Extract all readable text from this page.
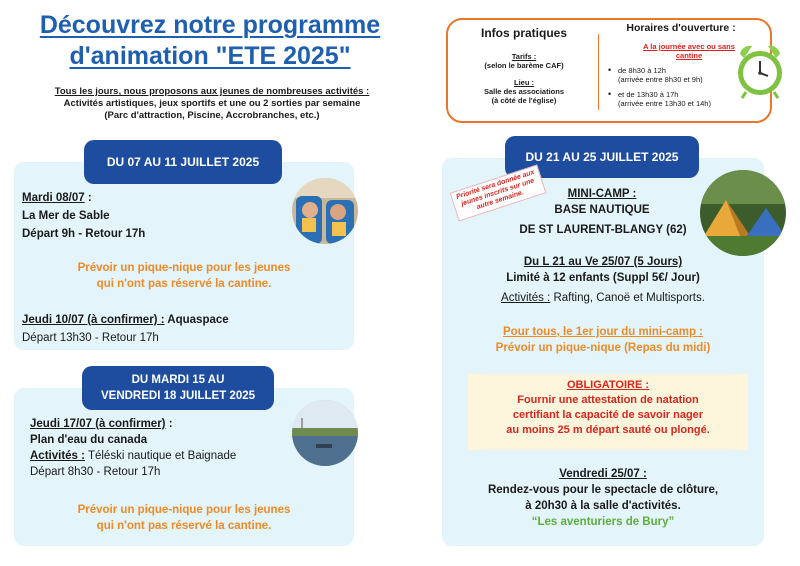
Découvrez notre programme
d'animation "ETE 2025"
Tous les jours, nous proposons aux jeunes de nombreuses activités :
Activités artistiques, jeux sportifs et une ou 2 sorties par semaine
(Parc d'attraction, Piscine, Accrobranches, etc.)
Infos pratiques
Tarifs :
(selon le barème CAF)
Lieu :
Salle des associations
(à côté de l'église)
Horaires d'ouverture :
A la journée avec ou sans cantine
• de 8h30 à 12h
(arrivée entre 8h30 et 9h)
• et de 13h30 à 17h
(arrivée entre 13h30 et 14h)
DU 07 AU 11 JUILLET 2025
Mardi 08/07 :
La Mer de Sable
Départ 9h - Retour 17h
Prévoir un pique-nique pour les jeunes
qui n'ont pas réservé la cantine.
Jeudi 10/07 (à confirmer) : Aquaspace
Départ 13h30 - Retour 17h
DU MARDI 15 AU
VENDREDI 18 JUILLET 2025
Jeudi 17/07 (à confirmer) :
Plan d'eau du canada
Activités : Téléski nautique et Baignade
Départ 8h30 - Retour 17h
Prévoir un pique-nique pour les jeunes
qui n'ont pas réservé la cantine.
DU 21 AU 25 JUILLET 2025
Priorité sera donnée aux jeunes inscrits sur une autre semaine.	MINI-CAMP :
BASE NAUTIQUE
DE ST LAURENT-BLANGY (62)
Du L 21 au Ve 25/07 (5 Jours)
Limité à 12 enfants (Suppl 5€/ Jour)
Activités : Rafting, Canoë et Multisports.
Pour tous, le 1er jour du mini-camp :
Prévoir un pique-nique (Repas du midi)
OBLIGATOIRE :
Fournir une attestation de natation
certifiant la capacité de savoir nager
au moins 25 m départ sauté ou plongé.
Vendredi 25/07 :
Rendez-vous pour le spectacle de clôture,
à 20h30 à la salle d'activités.
“Les aventuriers de Bury”
